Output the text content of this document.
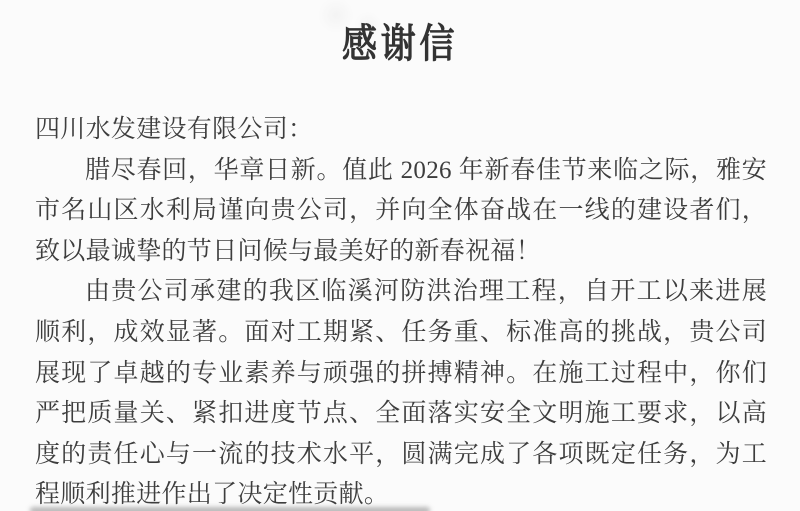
感谢信

四川水发建设有限公司：

腊尽春回，华章日新。值此 2026 年新春佳节来临之际，雅安市名山区水利局谨向贵公司，并向全体奋战在一线的建设者们，致以最诚挚的节日问候与最美好的新春祝福！

由贵公司承建的我区临溪河防洪治理工程，自开工以来进展顺利，成效显著。面对工期紧、任务重、标准高的挑战，贵公司展现了卓越的专业素养与顽强的拼搏精神。在施工过程中，你们严把质量关、紧扣进度节点、全面落实安全文明施工要求，以高度的责任心与一流的技术水平，圆满完成了各项既定任务，为工程顺利推进作出了决定性贡献。
